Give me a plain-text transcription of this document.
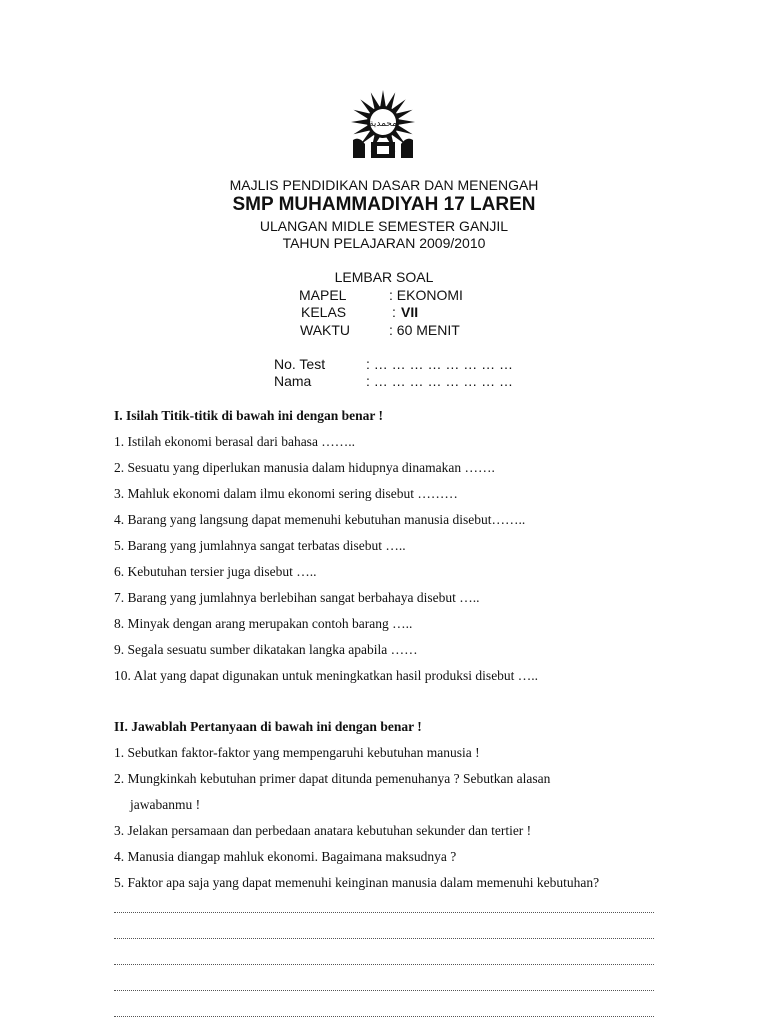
محمدية
MAJLIS PENDIDIKAN DASAR DAN MENENGAH
SMP MUHAMMADIYAH 17 LAREN
ULANGAN MIDLE SEMESTER GANJIL
TAHUN PELAJARAN 2009/2010
LEMBAR SOAL
MAPEL	: EKONOMI
KELAS	: VII
WAKTU	: 60 MENIT
No. Test	: … … … … … … … …
Nama	: … … … … … … … …
I. Isilah Titik-titik di bawah ini dengan benar !
1. Istilah ekonomi berasal dari bahasa ……..
2. Sesuatu yang diperlukan manusia dalam hidupnya dinamakan …….
3. Mahluk ekonomi dalam ilmu ekonomi sering disebut ………
4. Barang yang langsung dapat memenuhi kebutuhan manusia disebut……..
5. Barang yang jumlahnya sangat terbatas disebut …..
6. Kebutuhan tersier juga disebut …..
7. Barang yang jumlahnya berlebihan sangat berbahaya disebut …..
8. Minyak dengan arang merupakan contoh barang …..
9. Segala sesuatu sumber dikatakan langka apabila ……
10. Alat yang dapat digunakan untuk meningkatkan hasil produksi disebut …..
II. Jawablah Pertanyaan di bawah ini dengan benar !
1. Sebutkan faktor-faktor yang mempengaruhi kebutuhan manusia !
2. Mungkinkah kebutuhan primer dapat ditunda pemenuhanya ? Sebutkan alasan
jawabanmu !
3. Jelakan persamaan dan perbedaan anatara kebutuhan sekunder dan tertier !
4. Manusia diangap mahluk ekonomi. Bagaimana maksudnya ?
5. Faktor apa saja yang dapat memenuhi keinginan manusia dalam memenuhi kebutuhan?
